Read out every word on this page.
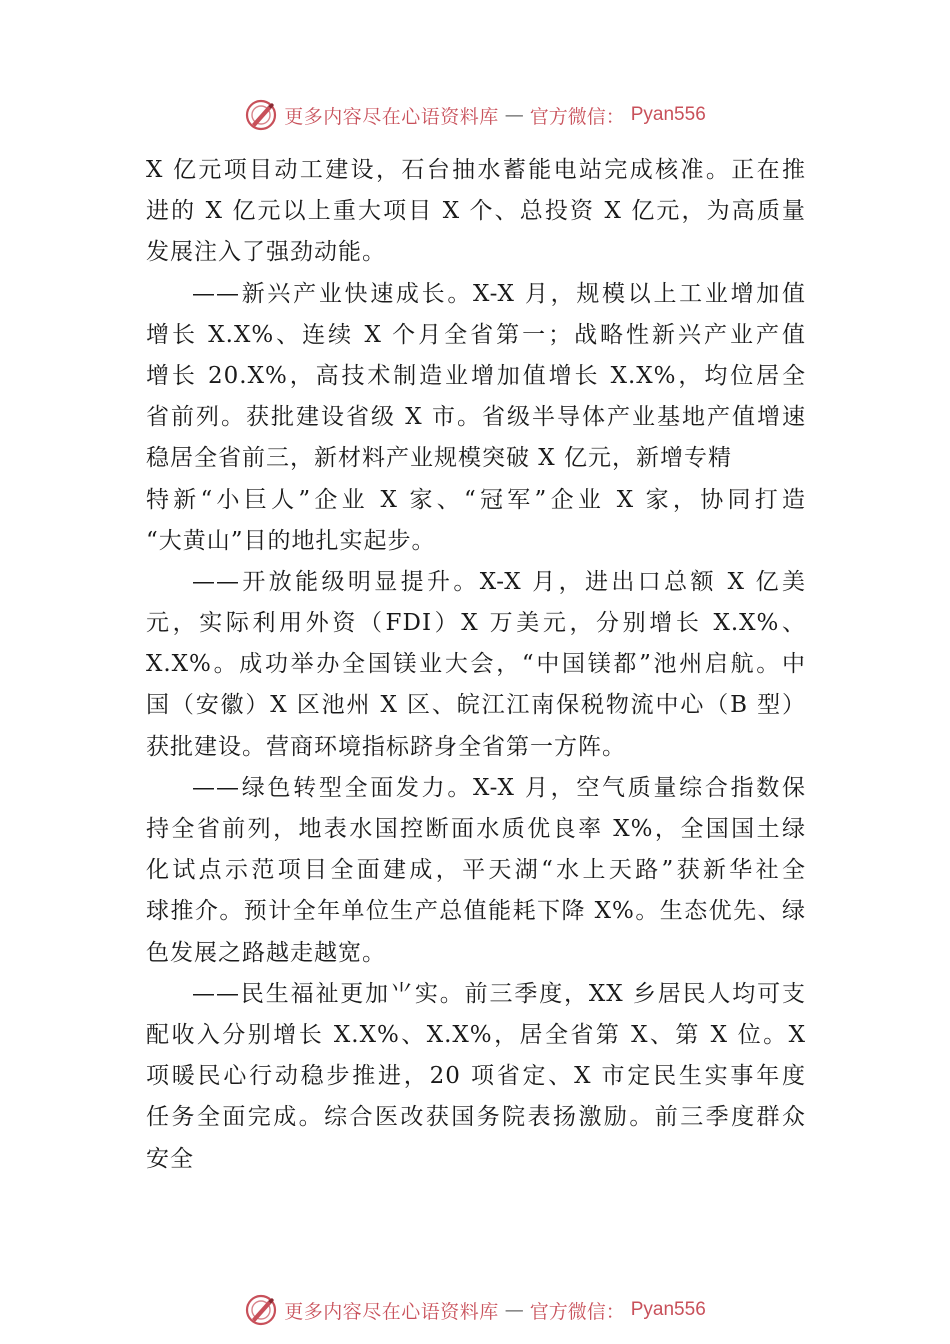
更多内容尽在心语资料库 — 官方微信： Pyan556
X 亿元项目动工建设，石台抽水蓄能电站完成核准。正在推
进的 X 亿元以上重大项目 X 个、总投资 X 亿元，为高质量
发展注入了强劲动能。
——新兴产业快速成长。X-X 月，规模以上工业增加值
增长 X.X%、连续 X 个月全省第一；战略性新兴产业产值
增长 20.X%，高技术制造业增加值增长 X.X%，均位居全
省前列。获批建设省级 X 市。省级半导体产业基地产值增速
稳居全省前三，新材料产业规模突破 X 亿元，新增专精
特新“小巨人”企业 X 家、“冠军”企业 X 家，协同打造
“大黄山”目的地扎实起步。
——开放能级明显提升。X-X 月，进出口总额 X 亿美
元，实际利用外资（FDI）X 万美元，分别增长 X.X%、
X.X%。成功举办全国镁业大会，“中国镁都”池州启航。中
国（安徽）X 区池州 X 区、皖江江南保税物流中心（B 型）
获批建设。营商环境指标跻身全省第一方阵。
——绿色转型全面发力。X-X 月，空气质量综合指数保
持全省前列，地表水国控断面水质优良率 X%，全国国土绿
化试点示范项目全面建成，平天湖“水上天路”获新华社全
球推介。预计全年单位生产总值能耗下降 X%。生态优先、绿
色发展之路越走越宽。
——民生福祉更加⺌实。前三季度，XX 乡居民人均可支
配收入分别增长 X.X%、X.X%，居全省第 X、第 X 位。X
项暖民心行动稳步推进，20 项省定、X 市定民生实事年度
任务全面完成。综合医改获国务院表扬激励。前三季度群众
安全
更多内容尽在心语资料库 — 官方微信： Pyan556
